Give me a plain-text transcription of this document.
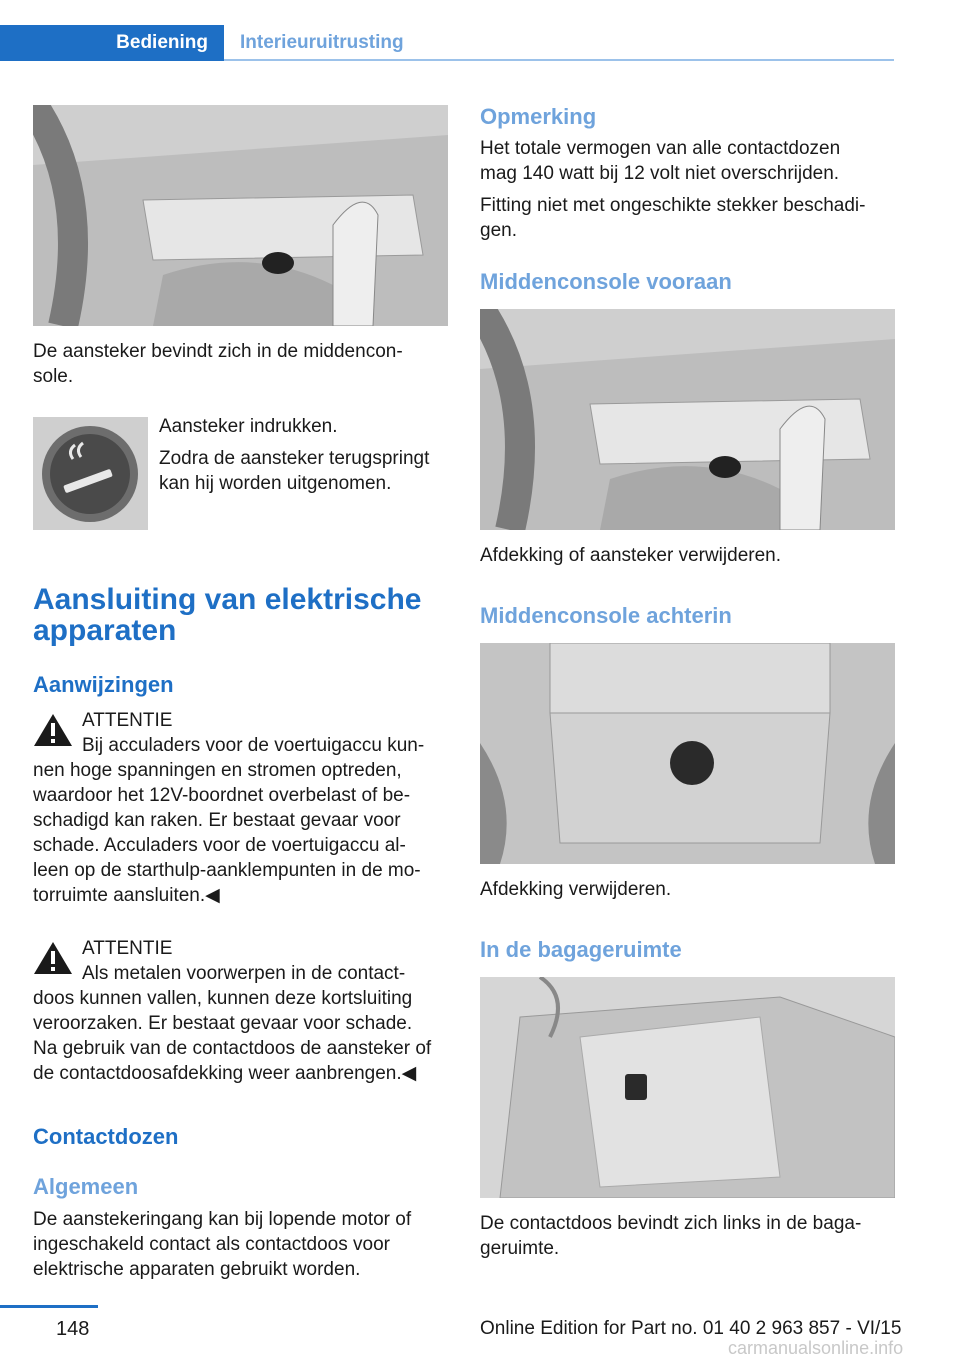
Bediening	Interieuruitrusting

De aansteker bevindt zich in de middencon‐

sole.

Aansteker indrukken.

Zodra de aansteker terugspringt

kan hij worden uitgenomen.

Aansluiting van elektrische
apparaten
Aanwijzingen

ATTENTIE

Bij acculaders voor de voertuigaccu kun‐

nen hoge spanningen en stromen optreden,

waardoor het 12V-boordnet overbelast of be‐

schadigd kan raken. Er bestaat gevaar voor

schade. Acculaders voor de voertuigaccu al‐

leen op de starthulp-aanklempunten in de mo‐

torruimte aansluiten.◀

ATTENTIE

Als metalen voorwerpen in de contact‐

doos kunnen vallen, kunnen deze kortsluiting

veroorzaken. Er bestaat gevaar voor schade.

Na gebruik van de contactdoos de aansteker of

de contactdoosafdekking weer aanbrengen.◀

Contactdozen
Algemeen

De aanstekeringang kan bij lopende motor of

ingeschakeld contact als contactdoos voor

elektrische apparaten gebruikt worden.

Opmerking

Het totale vermogen van alle contactdozen

mag 140 watt bij 12 volt niet overschrijden.

Fitting niet met ongeschikte stekker beschadi‐

gen.

Middenconsole vooraan

Afdekking of aansteker verwijderen.

Middenconsole achterin

Afdekking verwijderen.

In de bagageruimte

De contactdoos bevindt zich links in de baga‐

geruimte.

148	Online Edition for Part no. 01 40 2 963 857 - VI/15
carmanualsonline.info
